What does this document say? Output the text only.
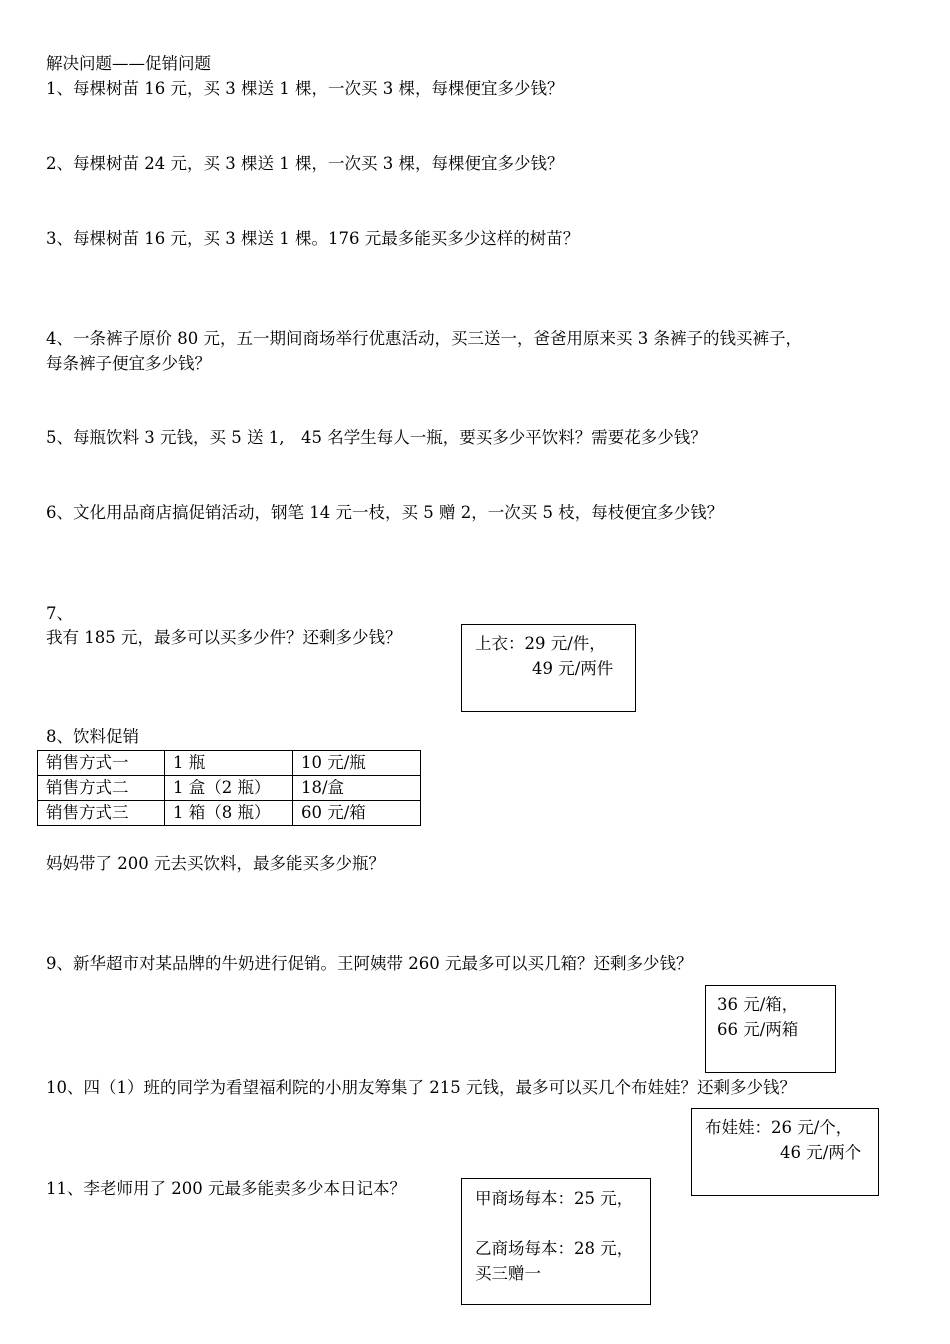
解决问题——促销问题
1、每棵树苗 16 元，买 3 棵送 1 棵，一次买 3 棵，每棵便宜多少钱？
2、每棵树苗 24 元，买 3 棵送 1 棵，一次买 3 棵，每棵便宜多少钱？
3、每棵树苗 16 元，买 3 棵送 1 棵。176 元最多能买多少这样的树苗？
4、一条裤子原价 80 元，五一期间商场举行优惠活动，买三送一，爸爸用原来买 3 条裤子的钱买裤子，
每条裤子便宜多少钱？
5、每瓶饮料 3 元钱，买 5 送 1,　45 名学生每人一瓶，要买多少平饮料？需要花多少钱？
6、文化用品商店搞促销活动，钢笔 14 元一枝，买 5 赠 2，一次买 5 枝，每枝便宜多少钱？
7、
我有 185 元，最多可以买多少件？还剩多少钱？	上衣：29 元/件，
49 元/两件
8、饮料促销
销售方式一	1 瓶	10 元/瓶
销售方式二	1 盒（2 瓶）	18/盒
销售方式三	1 箱（8 瓶）	60 元/箱
妈妈带了 200 元去买饮料，最多能买多少瓶？
9、新华超市对某品牌的牛奶进行促销。王阿姨带 260 元最多可以买几箱？还剩多少钱？
36 元/箱，
66 元/两箱
10、四（1）班的同学为看望福利院的小朋友筹集了 215 元钱，最多可以买几个布娃娃？还剩多少钱？
布娃娃：26 元/个，
46 元/两个
11、李老师用了 200 元最多能卖多少本日记本？
甲商场每本：25 元，
乙商场每本：28 元，
买三赠一
